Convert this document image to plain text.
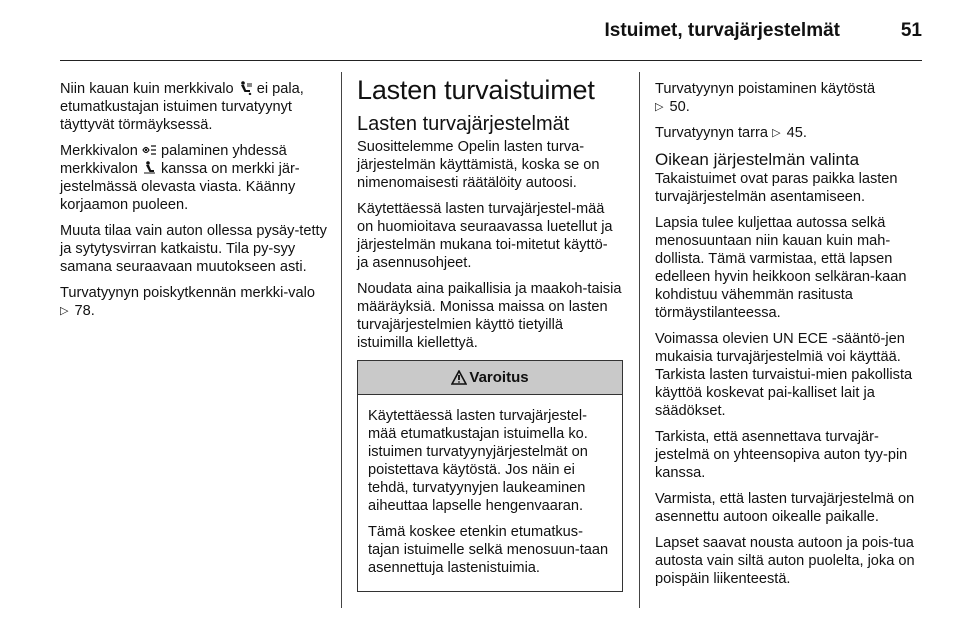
Istuimet, turvajärjestelmät	51

Niin kauan kuin merkkivalo ei pala, etumatkustajan istuimen turvatyynyt täyttyvät törmäyksessä.

Merkkivalon palaminen yhdessä merkkivalon kanssa on merkki jär-jestelmässä olevasta viasta. Käänny korjaamon puoleen.

Muuta tilaa vain auton ollessa pysäy-tetty ja sytytysvirran katkaistu. Tila py-syy samana seuraavaan muutokseen asti.

Turvatyynyn poiskytkennän merkki-valo ▷ 78.

Lasten turvaistuimet
Lasten turvajärjestelmät

Suosittelemme Opelin lasten turva-järjestelmän käyttämistä, koska se on nimenomaisesti räätälöity autoosi.

Käytettäessä lasten turvajärjestel-mää on huomioitava seuraavassa luetellut ja järjestelmän mukana toi-mitetut käyttö- ja asennusohjeet.

Noudata aina paikallisia ja maakoh-taisia määräyksiä. Monissa maissa on lasten turvajärjestelmien käyttö tietyillä istuimilla kiellettyä.

Varoitus

Käytettäessä lasten turvajärjestel-mää etumatkustajan istuimella ko. istuimen turvatyynyjärjestelmät on poistettava käytöstä. Jos näin ei tehdä, turvatyynyjen laukeaminen aiheuttaa lapselle hengenvaaran.

Tämä koskee etenkin etumatkus-tajan istuimelle selkä menosuun-taan asennettuja lastenistuimia.

Turvatyynyn poistaminen käytöstä
▷ 50.

Turvatyynyn tarra ▷ 45.

Oikean järjestelmän valinta

Takaistuimet ovat paras paikka lasten turvajärjestelmän asentamiseen.

Lapsia tulee kuljettaa autossa selkä menosuuntaan niin kauan kuin mah-dollista. Tämä varmistaa, että lapsen edelleen hyvin heikkoon selkäran-kaan kohdistuu vähemmän rasitusta törmäystilanteessa.

Voimassa olevien UN ECE -sääntö-jen mukaisia turvajärjestelmiä voi käyttää. Tarkista lasten turvaistui-mien pakollista käyttöä koskevat pai-kalliset lait ja säädökset.

Tarkista, että asennettava turvajär-jestelmä on yhteensopiva auton tyy-pin kanssa.

Varmista, että lasten turvajärjestelmä on asennettu autoon oikealle paikalle.

Lapset saavat nousta autoon ja pois-tua autosta vain siltä auton puolelta, joka on poispäin liikenteestä.
